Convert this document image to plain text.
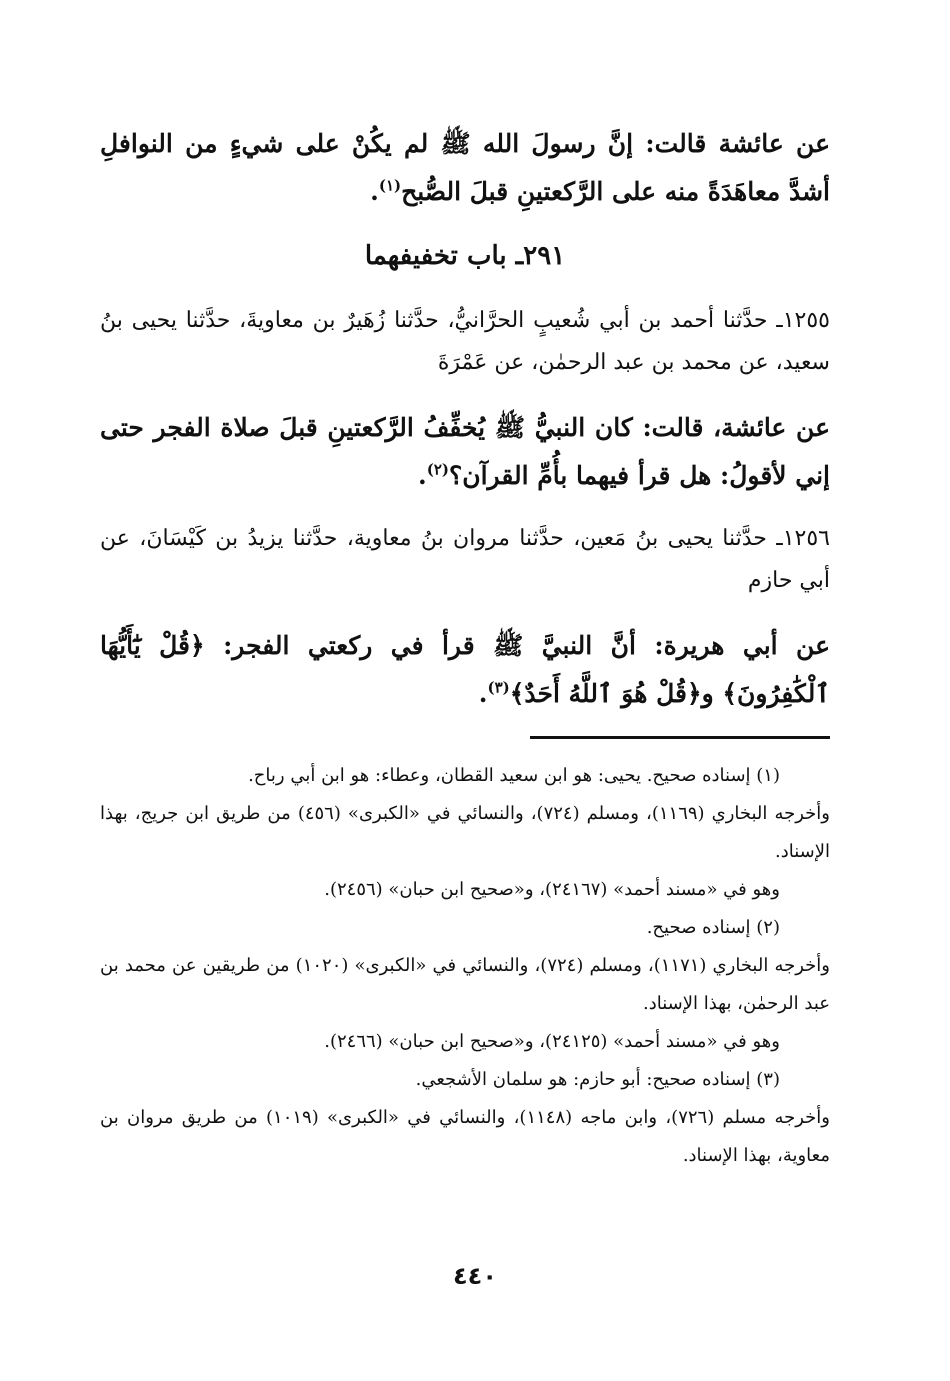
عن عائشة قالت: إنَّ رسولَ الله ﷺ لم يكُنْ على شيءٍ من النوافلِ أشدَّ معاهَدَةً منه على الرَّكعتينِ قبلَ الصُّبح$^{(١)}$.

٢٩١ـ باب تخفيفهما

١٢٥٥ـ حدَّثنا أحمد بن أبي شُعيبٍ الحرَّانيُّ، حدَّثنا زُهَيرٌ بن معاويةَ، حدَّثنا يحيى بنُ سعيد، عن محمد بن عبد الرحمٰن، عن عَمْرَةَ

عن عائشة، قالت: كان النبيُّ ﷺ يُخفِّفُ الرَّكعتينِ قبلَ صلاة الفجر حتى إني لأقولُ: هل قرأ فيهما بأُمِّ القرآن؟$^{(٢)}$.

١٢٥٦ـ حدَّثنا يحيى بنُ مَعين، حدَّثنا مروان بنُ معاوية، حدَّثنا يزيدُ بن كَيْسَانَ، عن أبي حازم

عن أبي هريرة: أنَّ النبيَّ ﷺ قرأ في ركعتي الفجر: ﴿قُلْ يَٰٓأَيُّهَا ٱلْكَٰفِرُونَ﴾ و﴿قُلْ هُوَ ٱللَّهُ أَحَدٌ﴾$^{(٣)}$.

(١) إسناده صحيح. يحيى: هو ابن سعيد القطان، وعطاء: هو ابن أبي رباح.

وأخرجه البخاري (١١٦٩)، ومسلم (٧٢٤)، والنسائي في «الكبرى» (٤٥٦) من طريق ابن جريج، بهذا الإسناد.

وهو في «مسند أحمد» (٢٤١٦٧)، و«صحيح ابن حبان» (٢٤٥٦).

(٢) إسناده صحيح.

وأخرجه البخاري (١١٧١)، ومسلم (٧٢٤)، والنسائي في «الكبرى» (١٠٢٠) من طريقين عن محمد بن عبد الرحمٰن، بهذا الإسناد.

وهو في «مسند أحمد» (٢٤١٢٥)، و«صحيح ابن حبان» (٢٤٦٦).

(٣) إسناده صحيح: أبو حازم: هو سلمان الأشجعي.

وأخرجه مسلم (٧٢٦)، وابن ماجه (١١٤٨)، والنسائي في «الكبرى» (١٠١٩) من طريق مروان بن معاوية، بهذا الإسناد.

٤٤٠
